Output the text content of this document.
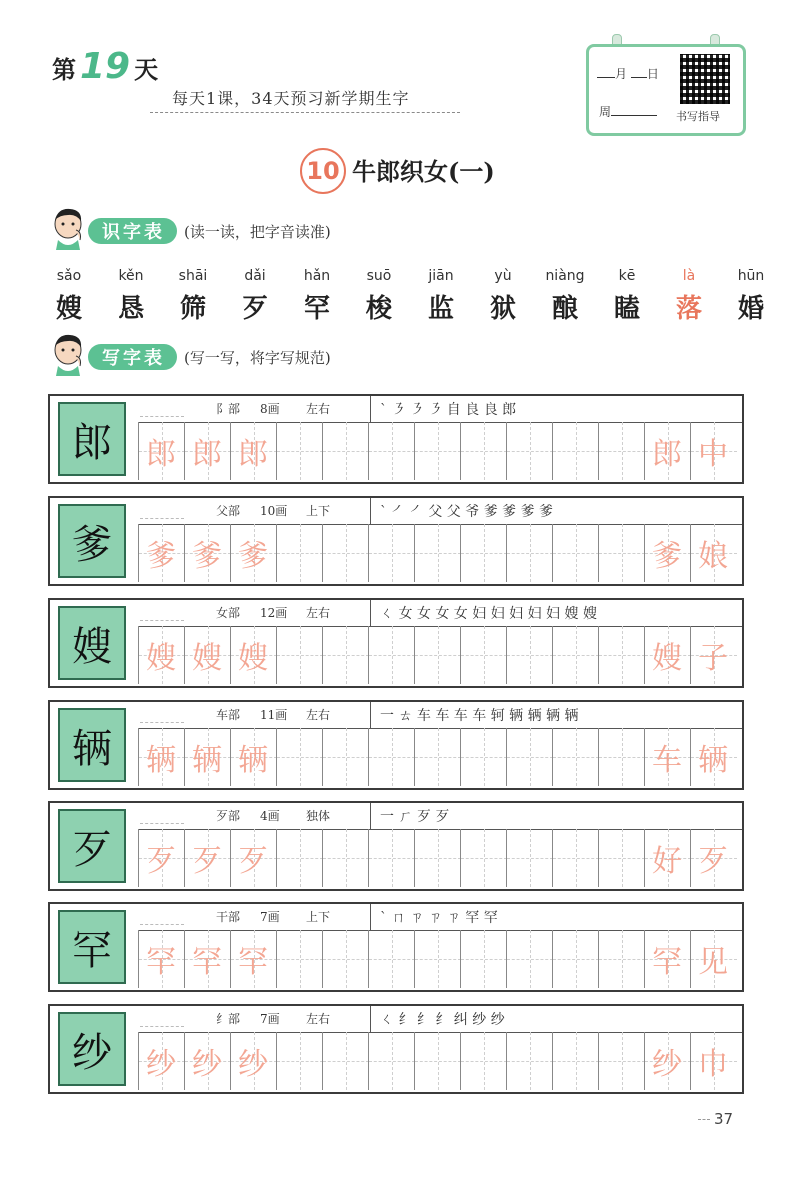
第 19 天
每天1课，34天预习新学期生字
月 日
周	书写指导
10 牛郎织女(一)
识字表	(读一读，把字音读准)
sǎo
嫂
kěn
恳
shāi
筛
dǎi
歹
hǎn
罕
suō
梭
jiān
监
yù
狱
niàng
酿
kē
瞌
là
落
hūn
婚
写字表	(写一写，将字写规范)
郎
阝部 8画 左右	` ㇋ ㇋ ㇋ 自 良 良 郎
郎 郎 郎	郎 中
爹
父部 10画 上下	` ㇒ ㇒ 父 父 爷 爹 爹 爹 爹
爹 爹 爹	爹 娘
嫂
女部 12画 左右	ㄑ 女 女 女 女 妇 妇 妇 妇 妇 嫂 嫂
嫂 嫂 嫂	嫂 子
辆
车部 11画 左右	一 ㄊ 车 车 车 车 轲 辆 辆 辆 辆
辆 辆 辆	车 辆
歹
歹部 4画 独体	一 ㄏ 歹 歹
歹 歹 歹	好 歹
罕
干部 7画 上下	` ㄇ ㄗ ㄗ ㄗ 罕 罕
罕 罕 罕	罕 见
纱
纟部 7画 左右	ㄑ 纟 纟 纟 纠 纱 纱
纱 纱 纱	纱 巾
37
